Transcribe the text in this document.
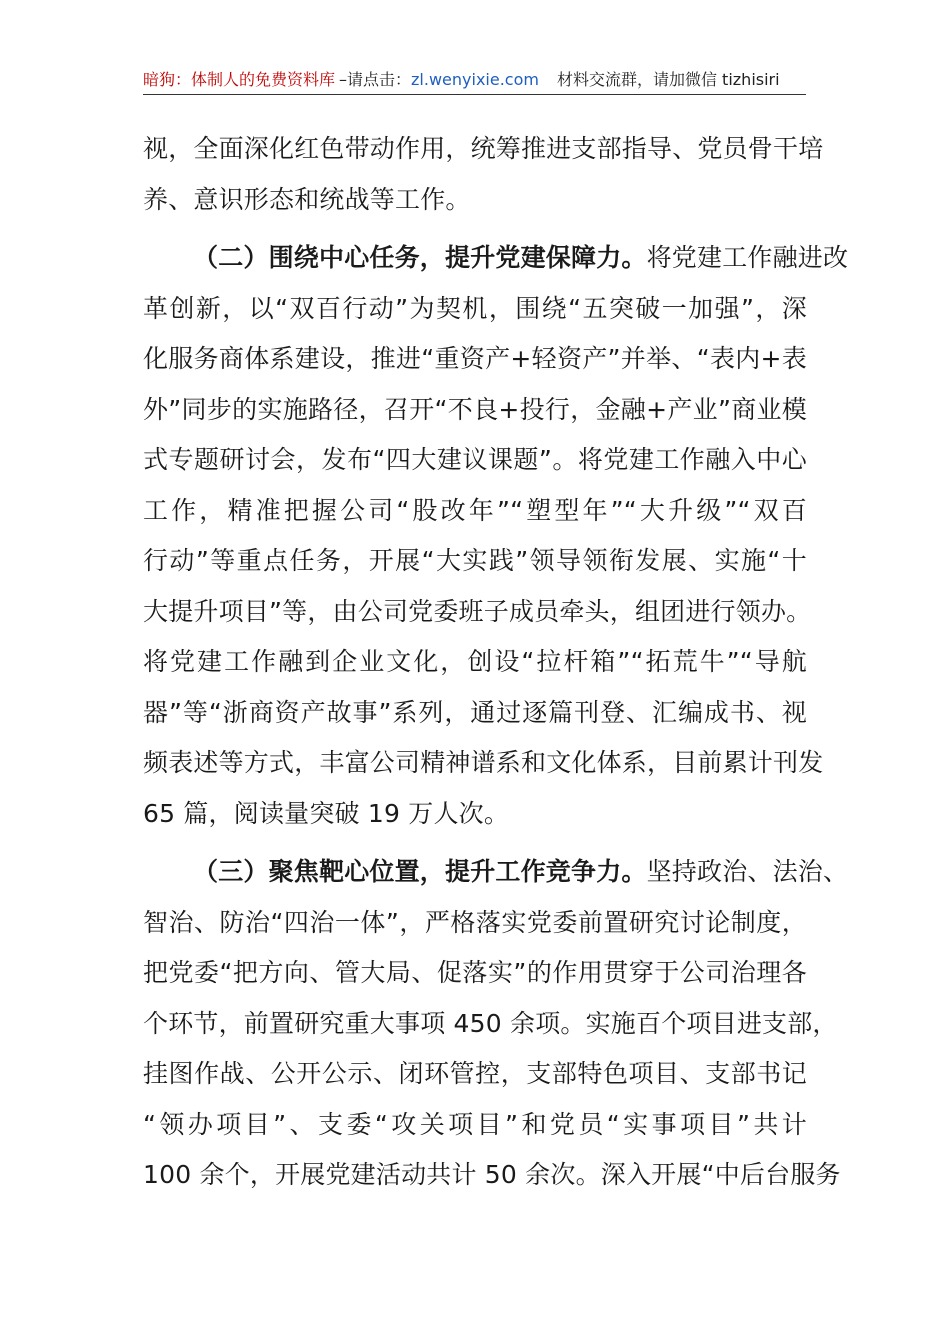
暗狗：体制人的免费资料库 –请点击：zl.wenyixie.com 材料交流群，请加微信 tizhisiri
视，全面深化红色带动作用，统筹推进支部指导、党员骨干培
养、意识形态和统战等工作。
（二）围绕中心任务，提升党建保障力。将党建工作融进改
革创新，以“双百行动”为契机，围绕“五突破一加强”，深
化服务商体系建设，推进“重资产+轻资产”并举、“表内+表
外”同步的实施路径，召开“不良+投行，金融+产业”商业模
式专题研讨会，发布“四大建议课题”。将党建工作融入中心
工作，精准把握公司“股改年”“塑型年”“大升级”“双百
行动”等重点任务，开展“大实践”领导领衔发展、实施“十
大提升项目”等，由公司党委班子成员牵头，组团进行领办。
将党建工作融到企业文化，创设“拉杆箱”“拓荒牛”“导航
器”等“浙商资产故事”系列，通过逐篇刊登、汇编成书、视
频表述等方式，丰富公司精神谱系和文化体系，目前累计刊发
65 篇，阅读量突破 19 万人次。
（三）聚焦靶心位置，提升工作竞争力。坚持政治、法治、
智治、防治“四治一体”，严格落实党委前置研究讨论制度，
把党委“把方向、管大局、促落实”的作用贯穿于公司治理各
个环节，前置研究重大事项 450 余项。实施百个项目进支部，
挂图作战、公开公示、闭环管控，支部特色项目、支部书记
“领办项目”、支委“攻关项目”和党员“实事项目”共计
100 余个，开展党建活动共计 50 余次。深入开展“中后台服务
